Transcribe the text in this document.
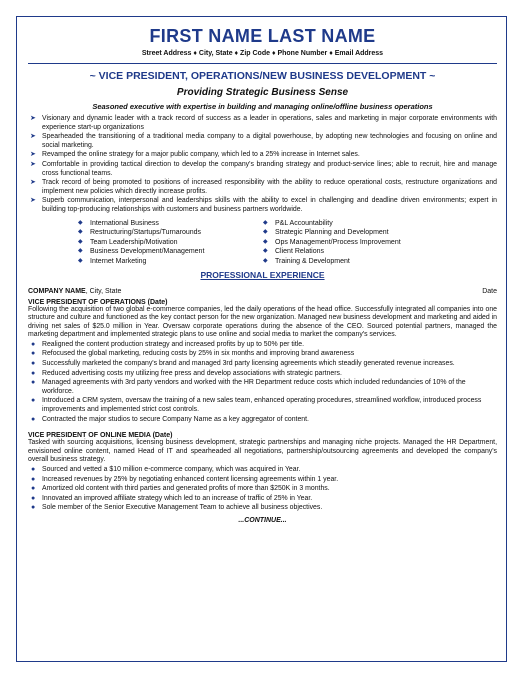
FIRST NAME LAST NAME
Street Address ♦ City, State ♦ Zip Code ♦ Phone Number ♦ Email Address
~ VICE PRESIDENT, OPERATIONS/NEW BUSINESS DEVELOPMENT ~
Providing Strategic Business Sense
Seasoned executive with expertise in building and managing online/offline business operations
➤ Visionary and dynamic leader with a track record of success as a leader in operations, sales and marketing in major corporate environments with experience start-up organizations
➤ Spearheaded the transitioning of a traditional media company to a digital powerhouse, by adopting new technologies and focusing on online and social marketing.
➤ Revamped the online strategy for a major public company, which led to a 25% increase in Internet sales.
➤ Comfortable in providing tactical direction to develop the company's branding strategy and product-service lines; able to recruit, hire and manage cross functional teams.
➤ Track record of being promoted to positions of increased responsibility with the ability to reduce operational costs, restructure organizations and implement new policies which directly increase profits.
➤ Superb communication, interpersonal and leaderships skills with the ability to excel in challenging and deadline driven environments; expert in building top-producing relationships with customers and business partners worldwide.
◆ International Business
◆ Restructuring/Startups/Turnarounds
◆ Team Leadership/Motivation
◆ Business Development/Management
◆ Internet Marketing
◆ P&L Accountability
◆ Strategic Planning and Development
◆ Ops Management/Process Improvement
◆ Client Relations
◆ Training & Development
PROFESSIONAL EXPERIENCE
COMPANY NAME, City, State	Date
VICE PRESIDENT OF OPERATIONS (Date)
Following the acquisition of two global e-commerce companies, led the daily operations of the head office. Successfully integrated all companies into one structure and culture and functioned as the key contact person for the new organization. Managed new business development and marketing and aided in driving net sales of $25.0 million in Year. Oversaw corporate operations during the absence of the CEO. Sourced potential partners, managed the marketing department and implemented strategic plans to use online and social media to market the company's services.
● Realigned the content production strategy and increased profits by up to 50% per title.
● Refocused the global marketing, reducing costs by 25% in six months and improving brand awareness
● Successfully marketed the company's brand and managed 3rd party licensing agreements which steadily generated revenue increases.
● Reduced advertising costs my utilizing free press and develop associations with strategic partners.
● Managed agreements with 3rd party vendors and worked with the HR Department reduce costs which included redundancies of 10% of the workforce.
● Introduced a CRM system, oversaw the training of a new sales team, enhanced operating procedures, streamlined workflow, introduced process improvements and implemented strict cost controls.
● Contracted the major studios to secure Company Name as a key aggregator of content.
VICE PRESIDENT OF ONLINE MEDIA (Date)
Tasked with sourcing acquisitions, licensing business development, strategic partnerships and managing niche projects. Managed the HR Department, envisioned online content, named Head of IT and spearheaded all negotiations, partnership/outsourcing agreements and developed the company's overall business strategy.
● Sourced and vetted a $10 million e-commerce company, which was acquired in Year.
● Increased revenues by 25% by negotiating enhanced content licensing agreements within 1 year.
● Amortized old content with third parties and generated profits of more than $250K in 3 months.
● Innovated an improved affiliate strategy which led to an increase of traffic of 25% in Year.
● Sole member of the Senior Executive Management Team to achieve all business objectives.
...CONTINUE...
